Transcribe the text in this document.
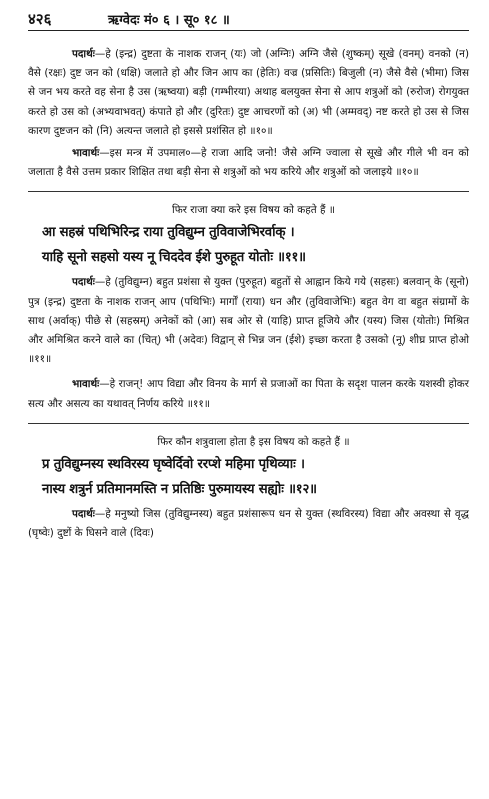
४२६	ऋग्वेदः मं० ६ । सू० १८ ॥

पदार्थः—हे (इन्द्र) दुष्टता के नाशक राजन् (यः) जो (अग्निः) अग्नि जैसे (शुष्कम्) सूखे (वनम्) वनको (न) वैसे (रक्षः) दुष्ट जन को (धक्षि) जलाते हो और जिन आप का (हेतिः) वज्र (प्रसितिः) बिजुली (न) जैसे वैसे (भीमा) जिस से जन भय करते वह सेना है उस (ऋष्वया) बड़ी (गम्भीरया) अथाह बलयुक्त सेना से आप शत्रुओं को (रुरोज) रोगयुक्त करते हो उस को (अभ्यवाभवत्) कंपाते हो और (दुरितः) दुष्ट आचरणों को (अ) भी (अम्मवद्) नष्ट करते हो उस से जिस कारण दुष्टजन को (नि) अत्यन्त जलाते हो इससे प्रशंसित हो ॥१०॥

भावार्थः—इस मन्त्र में उपमाल०—हे राजा आदि जनो! जैसे अग्नि ज्वाला से सूखे और गीले भी वन को जलाता है वैसे उत्तम प्रकार शिक्षित तथा बड़ी सेना से शत्रुओं को भय करिये और शत्रुओं को जलाइये ॥१०॥

फिर राजा क्या करे इस विषय को कहते हैं ॥

आ सहस्रं पथिभिरिन्द्र राया तुविद्युम्न तुविवाजेभिरर्वाक् ।

याहि सूनो सहसो यस्य नू चिददेव ईशे पुरुहूत योतोः ॥११॥

पदार्थः—हे (तुविद्युम्न) बहुत प्रशंसा से युक्त (पुरुहूत) बहुतों से आह्वान किये गये (सहसः) बलवान् के (सूनो) पुत्र (इन्द्र) दुष्टता के नाशक राजन् आप (पथिभिः) मार्गों (राया) धन और (तुविवाजेभिः) बहुत वेग वा बहुत संग्रामों के साथ (अर्वाक्) पीछे से (सहस्रम्) अनेकों को (आ) सब ओर से (याहि) प्राप्त हूजिये और (यस्य) जिस (योतोः) मिश्रित और अमिश्रित करने वाले का (चित्) भी (अदेवः) विद्वान् से भिन्न जन (ईशे) इच्छा करता है उसको (नू) शीघ्र प्राप्त होओ ॥११॥

भावार्थः—हे राजन्! आप विद्या और विनय के मार्ग से प्रजाओं का पिता के सदृश पालन करके यशस्वी होकर सत्य और असत्य का यथावत् निर्णय करिये ॥११॥

फिर कौन शत्रुवाला होता है इस विषय को कहते हैं ॥

प्र तुविद्युम्नस्य स्थविरस्य घृष्वेर्दिवो ररप्शे महिमा पृथिव्याः ।

नास्य शत्रुर्न प्रतिमानमस्ति न प्रतिष्ठिः पुरुमायस्य सह्योः ॥१२॥

पदार्थः—हे मनुष्यो जिस (तुविद्युम्नस्य) बहुत प्रशंसारूप धन से युक्त (स्थविरस्य) विद्या और अवस्था से वृद्ध (घृष्वेः) दुष्टों के घिसने वाले (दिवः)
